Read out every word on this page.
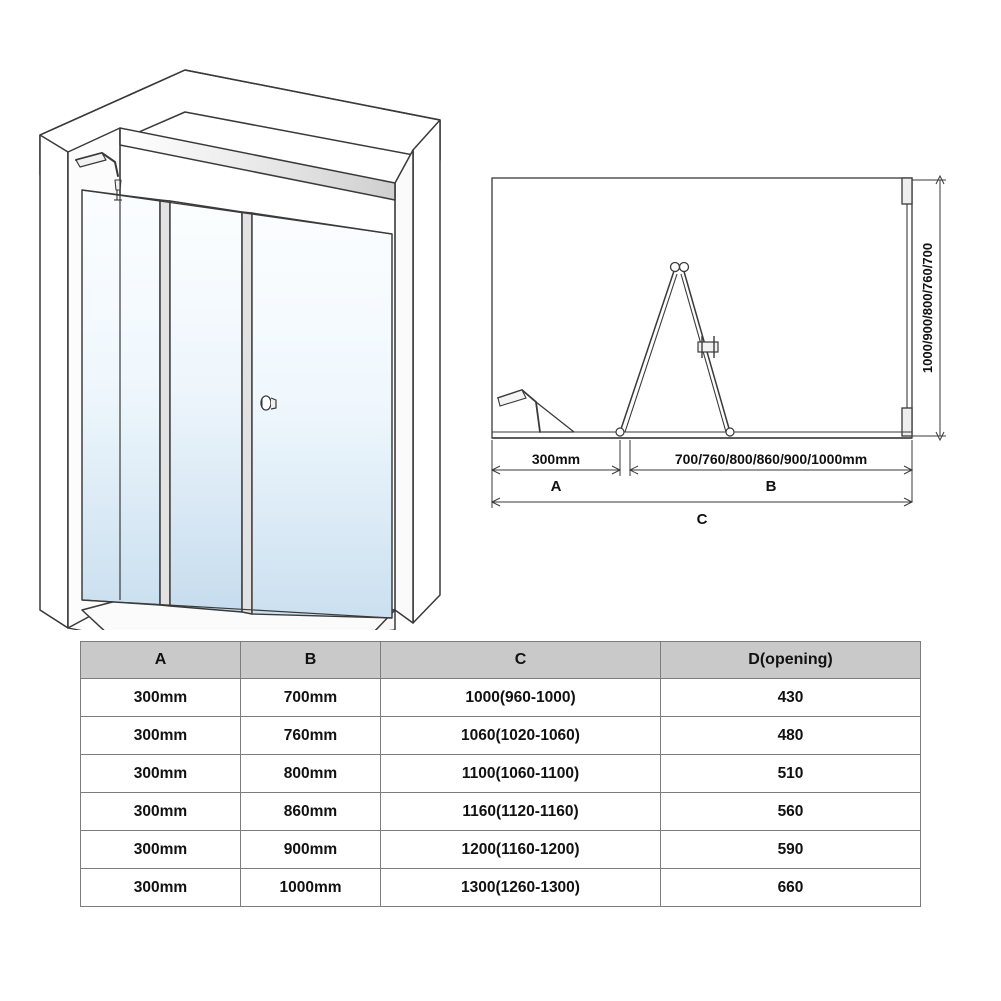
1000/900/800/760/700
300mm
A
700/760/800/860/900/1000mm
B
C
A	B	C	D(opening)
300mm	700mm	1000(960-1000)	430
300mm	760mm	1060(1020-1060)	480
300mm	800mm	1100(1060-1100)	510
300mm	860mm	1160(1120-1160)	560
300mm	900mm	1200(1160-1200)	590
300mm	1000mm	1300(1260-1300)	660
